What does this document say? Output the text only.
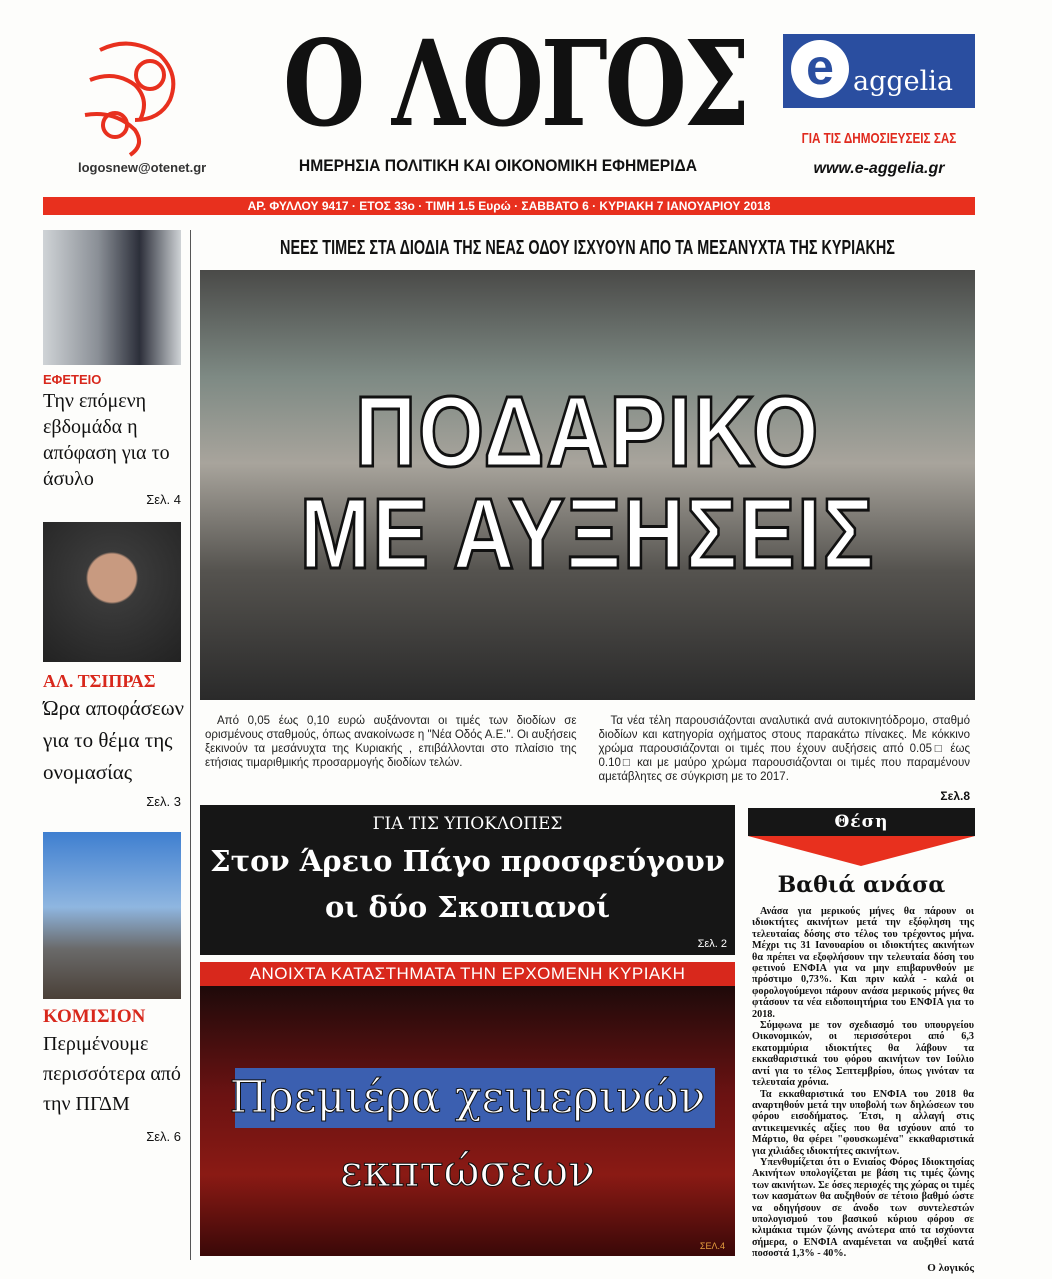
logosnew@otenet.gr
Ο ΛΟΓΟΣ
ΗΜΕΡΗΣΙΑ ΠΟΛΙΤΙΚΗ ΚΑΙ ΟΙΚΟΝΟΜΙΚΗ ΕΦΗΜΕΡΙΔΑ
e aggelia
ΓΙΑ ΤΙΣ ΔΗΜΟΣΙΕΥΣΕΙΣ ΣΑΣ
www.e-aggelia.gr
ΑΡ. ΦΥΛΛΟΥ 9417 · ΕΤΟΣ 33ο · ΤΙΜΗ 1.5 Ευρώ · ΣΑΒΒΑΤΟ 6 · ΚΥΡΙΑΚΗ 7 ΙΑΝΟΥΑΡΙΟΥ 2018
ΕΦΕΤΕΙΟ
Την επόμενη εβδομάδα η απόφαση για το άσυλο
Σελ. 4
ΑΛ. ΤΣΙΠΡΑΣ
Ώρα αποφάσεων για το θέμα της ονομασίας
Σελ. 3
ΚΟΜΙΣΙΟΝ
Περιμένουμε περισσότερα από την ΠΓΔΜ
Σελ. 6
ΝΕΕΣ ΤΙΜΕΣ ΣΤΑ ΔΙΟΔΙΑ ΤΗΣ ΝΕΑΣ ΟΔΟΥ ΙΣΧΥΟΥΝ ΑΠΟ ΤΑ ΜΕΣΑΝΥΧΤΑ ΤΗΣ ΚΥΡΙΑΚΗΣ
ΠΟΔΑΡΙΚΟ
ΜΕ ΑΥΞΗΣΕΙΣ

Από 0,05 έως 0,10 ευρώ αυξάνονται οι τιμές των διοδίων σε ορισμένους σταθμούς, όπως ανακοίνωσε η "Νέα Οδός Α.Ε.". Οι αυξήσεις ξεκινούν τα μεσάνυχτα της Κυριακής , επιβάλλονται στο πλαίσιο της ετήσιας τιμαριθμικής προσαρμογής διοδίων τελών.

Τα νέα τέλη παρουσιάζονται αναλυτικά ανά αυτοκινητόδρομο, σταθμό διοδίων και κατηγορία οχήματος στους παρακάτω πίνακες. Με κόκκινο χρώμα παρουσιάζονται οι τιμές που έχουν αυξήσεις από 0.05□ έως 0.10□ και με μαύρο χρώμα παρουσιάζονται οι τιμές που παραμένουν αμετάβλητες σε σύγκριση με το 2017.

Σελ.8
ΓΙΑ ΤΙΣ ΥΠΟΚΛΟΠΕΣ
Στον Άρειο Πάγο προσφεύγουν
οι δύο Σκοπιανοί
Σελ. 2
ΑΝΟΙΧΤΑ ΚΑΤΑΣΤΗΜΑΤΑ ΤΗΝ ΕΡΧΟΜΕΝΗ ΚΥΡΙΑΚΗ
Πρεμιέρα χειμερινών
εκπτώσεων
ΣΕΛ.4
Θέση
Βαθιά ανάσα

Ανάσα για μερικούς μήνες θα πάρουν οι ιδιοκτήτες ακινήτων μετά την εξόφληση της τελευταίας δόσης στο τέλος του τρέχοντος μήνα. Μέχρι τις 31 Ιανουαρίου οι ιδιοκτήτες ακινήτων θα πρέπει να εξοφλήσουν την τελευταία δόση του φετινού ΕΝΦΙΑ για να μην επιβαρυνθούν με πρόστιμο 0,73%. Και πριν καλά - καλά οι φορολογούμενοι πάρουν ανάσα μερικούς μήνες θα φτάσουν τα νέα ειδοποιητήρια του ΕΝΦΙΑ για το 2018.

Σύμφωνα με τον σχεδιασμό του υπουργείου Οικονομικών, οι περισσότεροι από 6,3 εκατομμύρια ιδιοκτήτες θα λάβουν τα εκκαθαριστικά του φόρου ακινήτων τον Ιούλιο αντί για το τέλος Σεπτεμβρίου, όπως γινόταν τα τελευταία χρόνια.

Τα εκκαθαριστικά του ΕΝΦΙΑ του 2018 θα αναρτηθούν μετά την υποβολή των δηλώσεων του φόρου εισοδήματος. Έτσι, η αλλαγή στις αντικειμενικές αξίες που θα ισχύουν από το Μάρτιο, θα φέρει "φουσκωμένα" εκκαθαριστικά για χιλιάδες ιδιοκτήτες ακινήτων.

Υπενθυμίζεται ότι ο Ενιαίος Φόρος Ιδιοκτησίας Ακινήτων υπολογίζεται με βάση τις τιμές ζώνης των ακινήτων. Σε όσες περιοχές της χώρας οι τιμές των κασμάτων θα αυξηθούν σε τέτοιο βαθμό ώστε να οδηγήσουν σε άνοδο των συντελεστών υπολογισμού του βασικού κύριου φόρου σε κλιμάκια τιμών ζώνης ανώτερα από τα ισχύοντα σήμερα, ο ΕΝΦΙΑ αναμένεται να αυξηθεί κατά ποσοστά 1,3% - 40%.

Ο λογικός
